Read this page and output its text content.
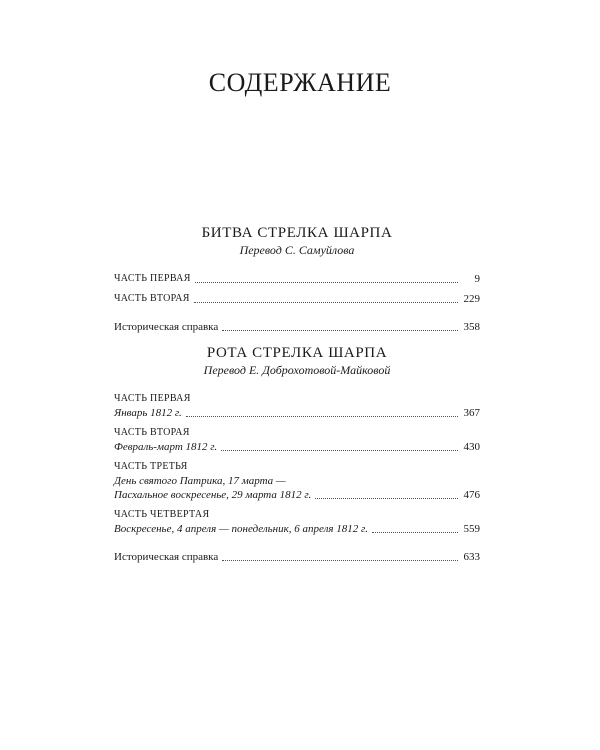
СОДЕРЖАНИЕ
БИТВА СТРЕЛКА ШАРПА
Перевод С. Самуйлова
ЧАСТЬ ПЕРВАЯ	9
ЧАСТЬ ВТОРАЯ	229
Историческая справка	358
РОТА СТРЕЛКА ШАРПА
Перевод Е. Доброхотовой-Майковой
ЧАСТЬ ПЕРВАЯ
Январь 1812 г.	367
ЧАСТЬ ВТОРАЯ
Февраль-март 1812 г.	430
ЧАСТЬ ТРЕТЬЯ
День святого Патрика, 17 марта —
Пасхальное воскресенье, 29 марта 1812 г.	476
ЧАСТЬ ЧЕТВЕРТАЯ
Воскресенье, 4 апреля — понедельник, 6 апреля 1812 г.	559
Историческая справка	633
